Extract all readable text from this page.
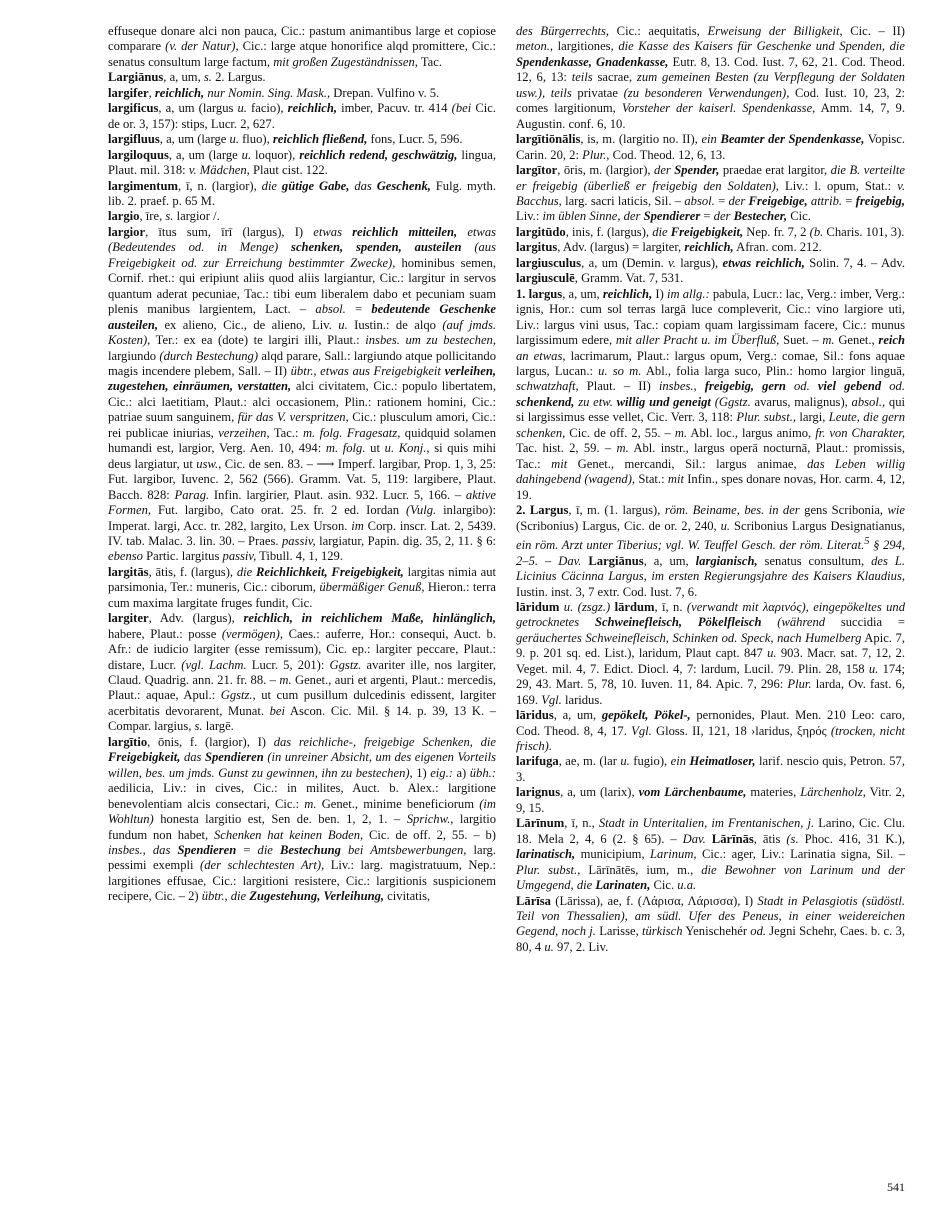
effuseque donare alci non pauca, Cic.: pastum animantibus large et copiose comparare (v. der Natur), Cic.: large atque honorifice alqd promittere, Cic.: senatus consultum large factum, mit großen Zugeständnissen, Tac.

Largiānus, a, um, s. 2. Largus.

largifer, reichlich, nur Nomin. Sing. Mask., Drepan. Vulfino v. 5.

largificus, a, um (largus u. facio), reichlich, imber, Pacuv. tr. 414 (bei Cic. de or. 3, 157): stips, Lucr. 2, 627.

largifluus, a, um (large u. fluo), reichlich fließend, fons, Lucr. 5, 596.

largiloquus, a, um (large u. loquor), reichlich redend, geschwätzig, lingua, Plaut. mil. 318: v. Mädchen, Plaut cist. 122.

largimentum, ī, n. (largior), die gütige Gabe, das Geschenk, Fulg. myth. lib. 2. praef. p. 65 M.

largio, īre, s. largior /.

largior, ītus sum, īrī (largus), I) etwas reichlich mitteilen, etwas (Bedeutendes od. in Menge) schenken, spenden, austeilen (aus Freigebigkeit od. zur Erreichung bestimmter Zwecke), hominibus semen, Cornif. rhet.: qui eripiunt aliis quod aliis largiantur, Cic.: largitur in servos quantum aderat pecuniae, Tac.: tibi eum liberalem dabo et pecuniam suam plenis manibus largientem, Lact. – absol. = bedeutende Geschenke austeilen, ex alieno, Cic., de alieno, Liv. u. Iustin.: de alqo (auf jmds. Kosten), Ter.: ex ea (dote) te largiri illi, Plaut.: insbes. um zu bestechen, largiundo (durch Bestechung) alqd parare, Sall.: largiundo atque pollicitando magis incendere plebem, Sall. – II) übtr., etwas aus Freigebigkeit verleihen, zugestehen, einräumen, verstatten, alci civitatem, Cic.: populo libertatem, Cic.: alci laetitiam, Plaut.: alci occasionem, Plin.: rationem homini, Cic.: patriae suum sanguinem, für das V. verspritzen, Cic.: plusculum amori, Cic.: rei publicae iniurias, verzeihen, Tac.: m. folg. Fragesatz, quidquid solamen humandi est, largior, Verg. Aen. 10, 494: m. folg. ut u. Konj., si quis mihi deus largiatur, ut usw., Cic. de sen. 83. – ⟶ Imperf. largibar, Prop. 1, 3, 25: Fut. largibor, Iuvenc. 2, 562 (566). Gramm. Vat. 5, 119: largibere, Plaut. Bacch. 828: Parag. Infin. largirier, Plaut. asin. 932. Lucr. 5, 166. – aktive Formen, Fut. largibo, Cato orat. 25. fr. 2 ed. Iordan (Vulg. inlargibo): Imperat. largi, Acc. tr. 282, largito, Lex Urson. im Corp. inscr. Lat. 2, 5439. IV. tab. Malac. 3. lin. 30. – Praes. passiv, largiatur, Papin. dig. 35, 2, 11. § 6: ebenso Partic. largitus passiv, Tibull. 4, 1, 129.

largitās, ātis, f. (largus), die Reichlichkeit, Freigebigkeit, largitas nimia aut parsimonia, Ter.: muneris, Cic.: ciborum, übermäßiger Genuß, Hieron.: terra cum maxima largitate fruges fundit, Cic.

largiter, Adv. (largus), reichlich, in reichlichem Maße, hinlänglich, habere, Plaut.: posse (vermögen), Caes.: auferre, Hor.: consequi, Auct. b. Afr.: de iudicio largiter (esse remissum), Cic. ep.: largiter peccare, Plaut.: distare, Lucr. (vgl. Lachm. Lucr. 5, 201): Ggstz. avariter ille, nos largiter, Claud. Quadrig. ann. 21. fr. 88. – m. Genet., auri et argenti, Plaut.: mercedis, Plaut.: aquae, Apul.: Ggstz., ut cum pusillum dulcedinis edissent, largiter acerbitatis devorarent, Munat. bei Ascon. Cic. Mil. § 14. p. 39, 13 K. – Compar. largius, s. largē.

largītio, ōnis, f. (largior), I) das reichliche-, freigebige Schenken, die Freigebigkeit, das Spendieren (in unreiner Absicht, um des eigenen Vorteils willen, bes. um jmds. Gunst zu gewinnen, ihn zu bestechen), 1) eig.: a) übh.: aedilicia, Liv.: in cives, Cic.: in milites, Auct. b. Alex.: largitione benevolentiam alcis consectari, Cic.: m. Genet., minime beneficiorum (im Wohltun) honesta largitio est, Sen de. ben. 1, 2, 1. – Sprichw., largitio fundum non habet, Schenken hat keinen Boden, Cic. de off. 2, 55. – b) insbes., das Spendieren = die Bestechung bei Amtsbewerbungen, larg. pessimi exempli (der schlechtesten Art), Liv.: larg. magistratuum, Nep.: largitiones effusae, Cic.: largitioni resistere, Cic.: largitionis suspicionem recipere, Cic. – 2) übtr., die Zugestehung, Verleihung, civitatis,

des Bürgerrechts, Cic.: aequitatis, Erweisung der Billigkeit, Cic. – II) meton., largitiones, die Kasse des Kaisers für Geschenke und Spenden, die Spendenkasse, Gnadenkasse, Eutr. 8, 13. Cod. Iust. 7, 62, 21. Cod. Theod. 12, 6, 13: teils sacrae, zum gemeinen Besten (zu Verpflegung der Soldaten usw.), teils privatae (zu besonderen Verwendungen), Cod. Iust. 10, 23, 2: comes largitionum, Vorsteher der kaiserl. Spendenkasse, Amm. 14, 7, 9. Augustin. conf. 6, 10.

largītiōnālis, is, m. (largitio no. II), ein Beamter der Spendenkasse, Vopisc. Carin. 20, 2: Plur., Cod. Theod. 12, 6, 13.

largītor, ōris, m. (largior), der Spender, praedae erat largitor, die B. verteilte er freigebig (überließ er freigebig den Soldaten), Liv.: l. opum, Stat.: v. Bacchus, larg. sacri laticis, Sil. – absol. = der Freigebige, attrib. = freigebig, Liv.: im üblen Sinne, der Spendierer = der Bestecher, Cic.

largitūdo, inis, f. (largus), die Freigebigkeit, Nep. fr. 7, 2 (b. Charis. 101, 3).

largitus, Adv. (largus) = largiter, reichlich, Afran. com. 212.

largiusculus, a, um (Demin. v. largus), etwas reichlich, Solin. 7, 4. – Adv. largiusculē, Gramm. Vat. 7, 531.

1. largus, a, um, reichlich, I) im allg.: pabula, Lucr.: lac, Verg.: imber, Verg.: ignis, Hor.: cum sol terras largā luce compleverit, Cic.: vino largiore uti, Liv.: largus vini usus, Tac.: copiam quam largissimam facere, Cic.: munus largissimum edere, mit aller Pracht u. im Überfluß, Suet. – m. Genet., reich an etwas, lacrimarum, Plaut.: largus opum, Verg.: comae, Sil.: fons aquae largus, Lucan.: u. so m. Abl., folia larga suco, Plin.: homo largior linguā, schwatzhaft, Plaut. – II) insbes., freigebig, gern od. viel gebend od. schenkend, zu etw. willig und geneigt (Ggstz. avarus, malignus), absol., qui si largissimus esse vellet, Cic. Verr. 3, 118: Plur. subst., largi, Leute, die gern schenken, Cic. de off. 2, 55. – m. Abl. loc., largus animo, fr. von Charakter, Tac. hist. 2, 59. – m. Abl. instr., largus operā nocturnā, Plaut.: promissis, Tac.: mit Genet., mercandi, Sil.: largus animae, das Leben willig dahingebend (wagend), Stat.: mit Infin., spes donare novas, Hor. carm. 4, 12, 19.

2. Largus, ī, m. (1. largus), röm. Beiname, bes. in der gens Scribonia, wie (Scribonius) Largus, Cic. de or. 2, 240, u. Scribonius Largus Designatianus, ein röm. Arzt unter Tiberius; vgl. W. Teuffel Gesch. der röm. Literat.$^5$ § 294, 2–5. – Dav. Largiānus, a, um, largianisch, senatus consultum, des L. Licinius Cäcinna Largus, im ersten Regierungsjahre des Kaisers Klaudius, Iustin. inst. 3, 7 extr. Cod. Iust. 7, 6.

lāridum u. (zsgz.) lārdum, ī, n. (verwandt mit λαρινός), eingepökeltes und getrocknetes Schweinefleisch, Pökelfleisch (während succidia = geräuchertes Schweinefleisch, Schinken od. Speck, nach Humelberg Apic. 7, 9. p. 201 sq. ed. List.), laridum, Plaut capt. 847 u. 903. Macr. sat. 7, 12, 2. Veget. mil. 4, 7. Edict. Diocl. 4, 7: lardum, Lucil. 79. Plin. 28, 158 u. 174; 29, 43. Mart. 5, 78, 10. Iuven. 11, 84. Apic. 7, 296: Plur. larda, Ov. fast. 6, 169. Vgl. laridus.

lāridus, a, um, gepökelt, Pökel-, pernonides, Plaut. Men. 210 Leo: caro, Cod. Theod. 8, 4, 17. Vgl. Gloss. II, 121, 18 ›laridus, ξηρός (trocken, nicht frisch).

larifuga, ae, m. (lar u. fugio), ein Heimatloser, larif. nescio quis, Petron. 57, 3.

larignus, a, um (larix), vom Lärchenbaume, materies, Lärchenholz, Vitr. 2, 9, 15.

Lārīnum, ī, n., Stadt in Unteritalien, im Frentanischen, j. Larino, Cic. Clu. 18. Mela 2, 4, 6 (2. § 65). – Dav. Lārīnās, ātis (s. Phoc. 416, 31 K.), larinatisch, municipium, Larinum, Cic.: ager, Liv.: Larinatia signa, Sil. – Plur. subst., Lārīnātēs, ium, m., die Bewohner von Larinum und der Umgegend, die Larinaten, Cic. u.a.

Lārīsa (Lārissa), ae, f. (Λάρισα, Λάρισσα), I) Stadt in Pelasgiotis (südöstl. Teil von Thessalien), am südl. Ufer des Peneus, in einer weidereichen Gegend, noch j. Larisse, türkisch Yenischehér od. Jegni Schehr, Caes. b. c. 3, 80, 4 u. 97, 2. Liv.

541
